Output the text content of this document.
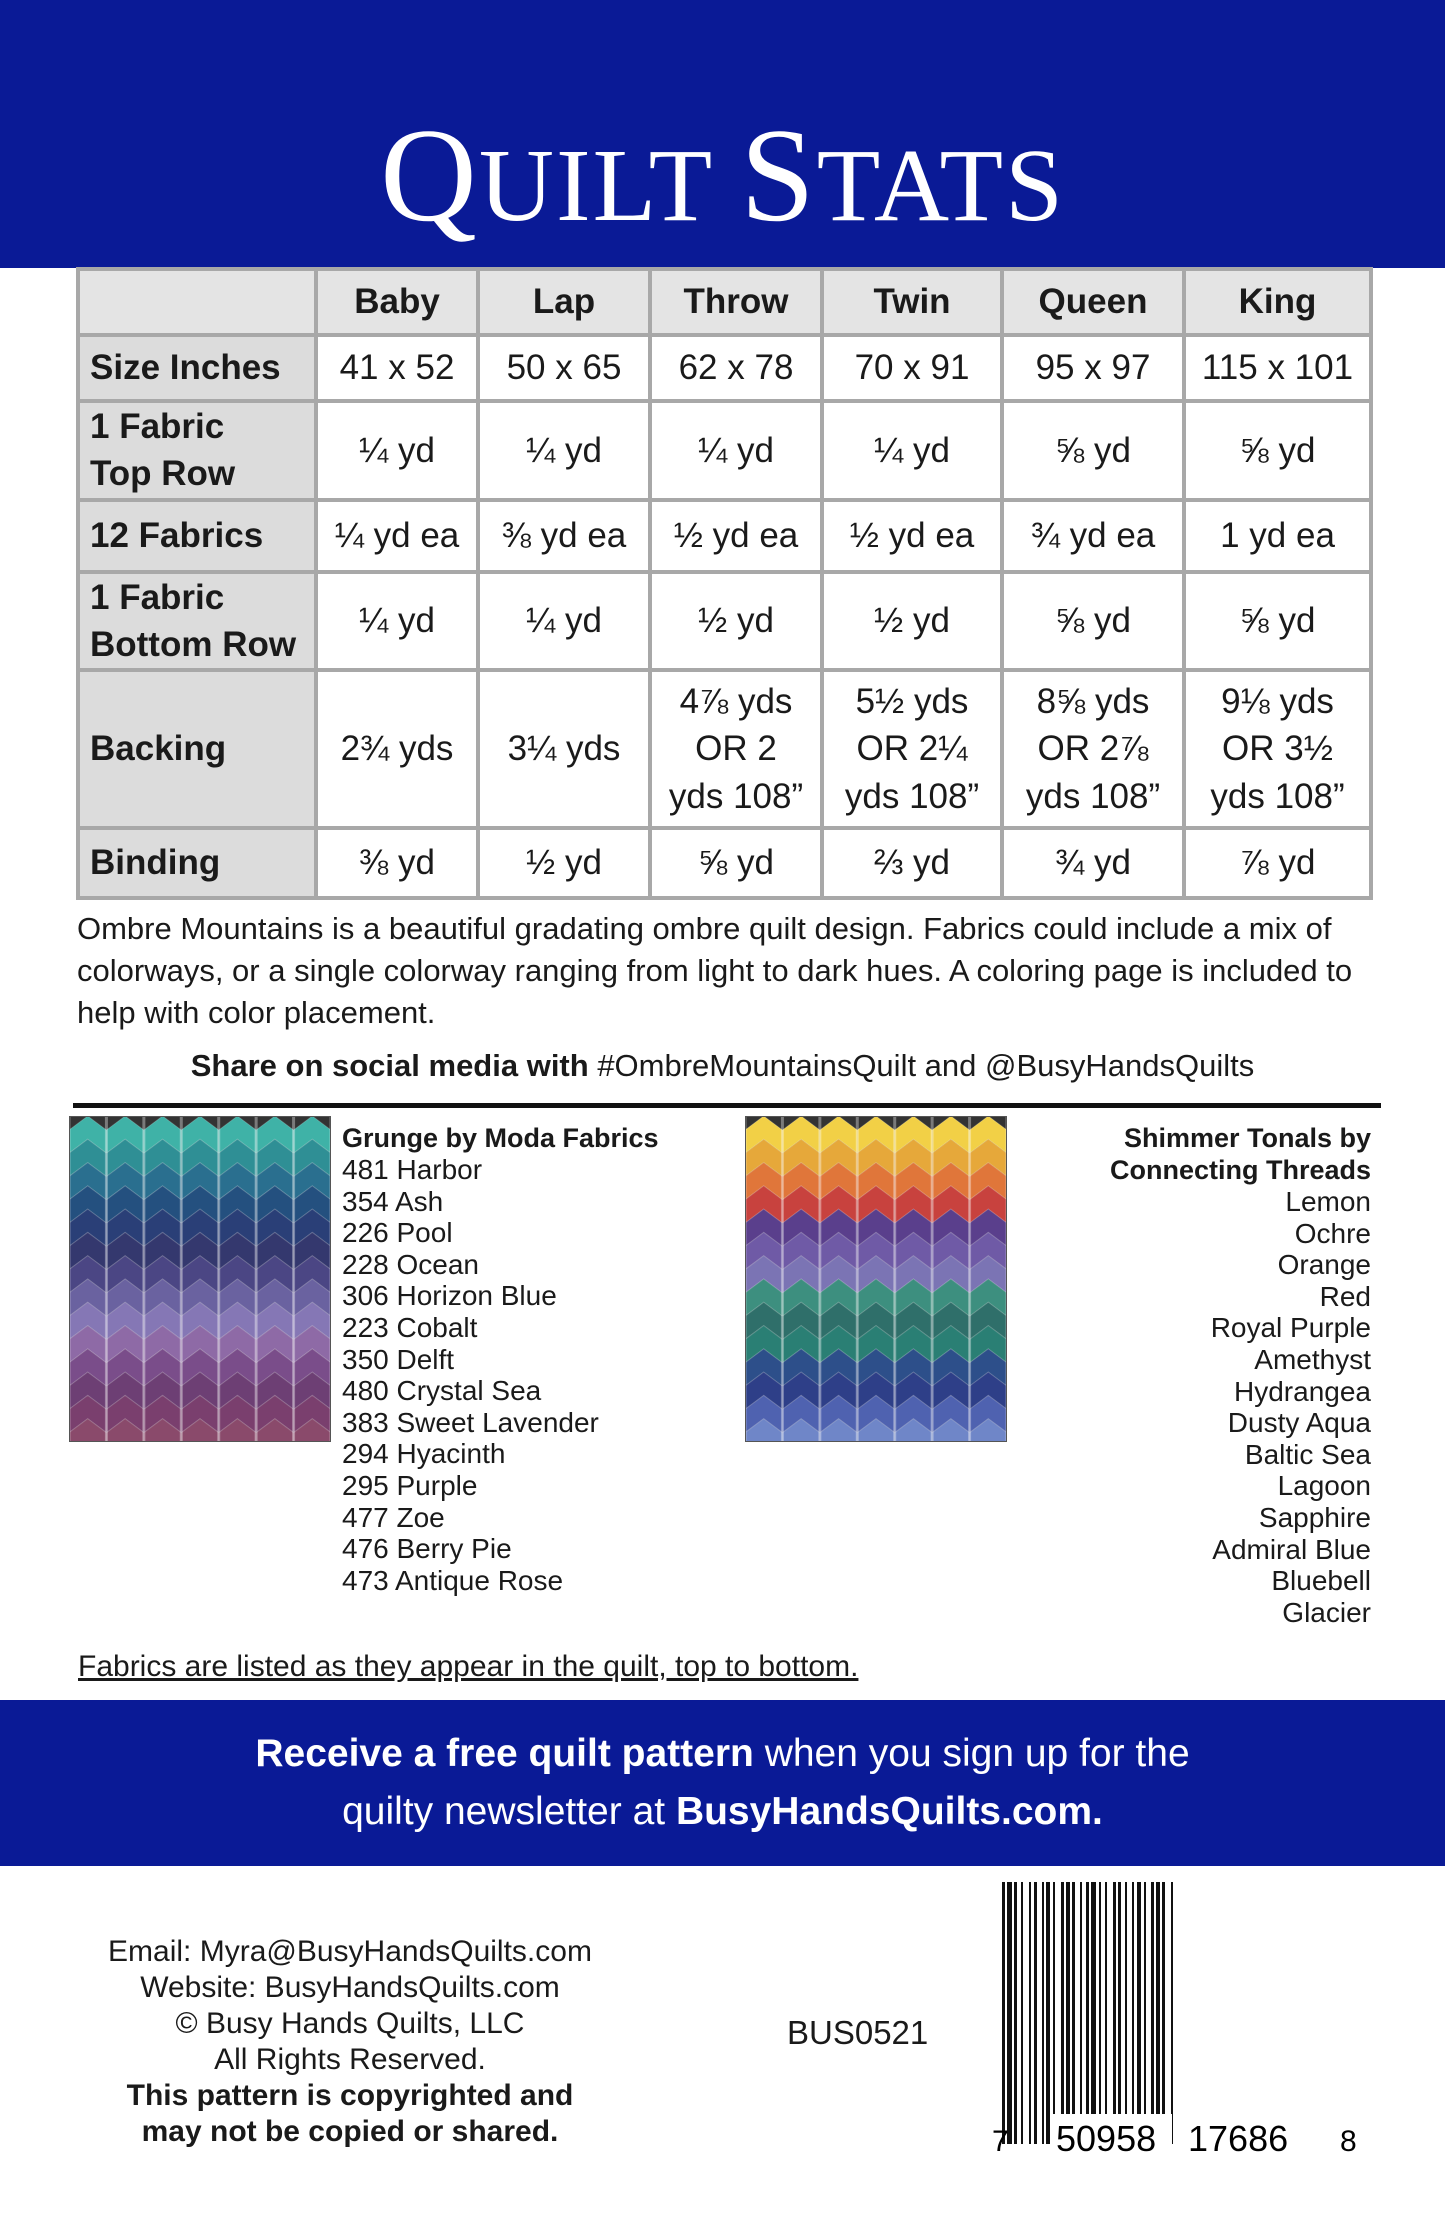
QUILT STATS
	Baby	Lap	Throw	Twin	Queen	King
Size Inches	41 x 52	50 x 65	62 x 78	70 x 91	95 x 97	115 x 101
1 Fabric
Top Row	¼ yd	¼ yd	¼ yd	¼ yd	⅝ yd	⅝ yd
12 Fabrics	¼ yd ea	⅜ yd ea	½ yd ea	½ yd ea	¾ yd ea	1 yd ea
1 Fabric
Bottom Row	¼ yd	¼ yd	½ yd	½ yd	⅝ yd	⅝ yd
Backing	2¾ yds	3¼ yds	4⅞ yds
OR 2
yds 108”	5½ yds
OR 2¼
yds 108”	8⅝ yds
OR 2⅞
yds 108”	9⅛ yds
OR 3½
yds 108”
Binding	⅜ yd	½ yd	⅝ yd	⅔ yd	¾ yd	⅞ yd
Ombre Mountains is a beautiful gradating ombre quilt design. Fabrics could include a mix of colorways, or a single colorway ranging from light to dark hues. A coloring page is included to help with color placement.
Share on social media with #OmbreMountainsQuilt and @BusyHandsQuilts
Grunge by Moda Fabrics
481 Harbor
354 Ash
226 Pool
228 Ocean
306 Horizon Blue
223 Cobalt
350 Delft
480 Crystal Sea
383 Sweet Lavender
294 Hyacinth
295 Purple
477 Zoe
476 Berry Pie
473 Antique Rose
Shimmer Tonals by
Connecting Threads
Lemon
Ochre
Orange
Red
Royal Purple
Amethyst
Hydrangea
Dusty Aqua
Baltic Sea
Lagoon
Sapphire
Admiral Blue
Bluebell
Glacier
Fabrics are listed as they appear in the quilt, top to bottom.
Receive a free quilt pattern when you sign up for the
quilty newsletter at BusyHandsQuilts.com.
Email: Myra@BusyHandsQuilts.com
Website: BusyHandsQuilts.com
© Busy Hands Quilts, LLC
All Rights Reserved.
This pattern is copyrighted and
may not be copied or shared.
BUS0521
7 50958 17686 8
